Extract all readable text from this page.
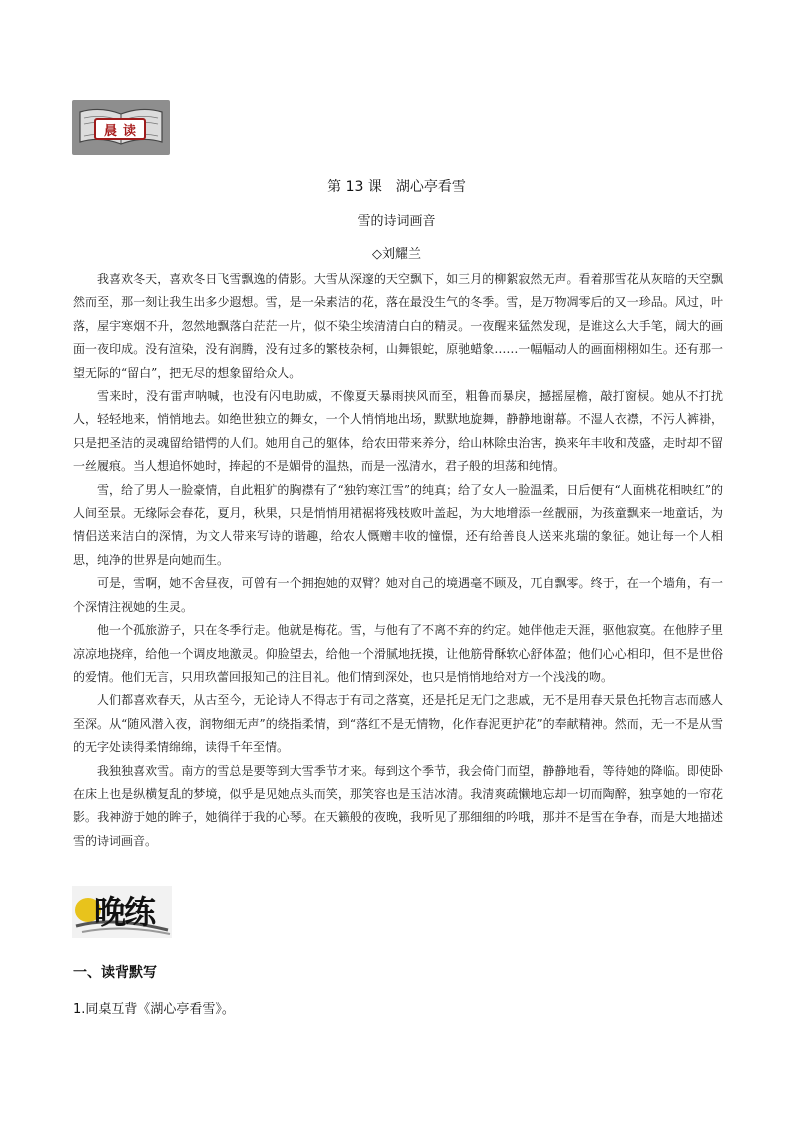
晨 读
第 13 课　湖心亭看雪
雪的诗词画音
◇刘耀兰

我喜欢冬天，喜欢冬日飞雪飘逸的倩影。大雪从深邃的天空飘下，如三月的柳絮寂然无声。看着那雪花从灰暗的天空飘然而至，那一刻让我生出多少遐想。雪，是一朵素洁的花，落在最没生气的冬季。雪，是万物凋零后的又一珍品。风过，叶落，屋宇寒烟不升，忽然地飘落白茫茫一片，似不染尘埃清清白白的精灵。一夜醒来猛然发现，是谁这么大手笔，阔大的画面一夜印成。没有渲染，没有润腾，没有过多的繁枝杂柯，山舞银蛇，原驰蜡象……一幅幅动人的画面栩栩如生。还有那一望无际的“留白”，把无尽的想象留给众人。

雪来时，没有雷声呐喊，也没有闪电助威，不像夏天暴雨挟风而至，粗鲁而暴戾，撼摇屋檐，敲打窗棂。她从不打扰人，轻轻地来，悄悄地去。如绝世独立的舞女，一个人悄悄地出场，默默地旋舞，静静地谢幕。不湿人衣襟，不污人裤褂，只是把圣洁的灵魂留给错愕的人们。她用自己的躯体，给农田带来养分，给山林除虫治害，换来年丰收和茂盛，走时却不留一丝履痕。当人想追怀她时，捧起的不是媚骨的温热，而是一泓清水，君子般的坦荡和纯情。

雪，给了男人一脸豪情，自此粗犷的胸襟有了“独钓寒江雪”的纯真；给了女人一脸温柔，日后便有“人面桃花相映红”的人间至景。无缘际会春花，夏月，秋果，只是悄悄用裙裾将残枝败叶盖起，为大地增添一丝靓丽，为孩童飘来一地童话，为情侣送来洁白的深情，为文人带来写诗的谐趣，给农人慨赠丰收的憧憬，还有给善良人送来兆瑞的象征。她让每一个人相思，纯净的世界是向她而生。

可是，雪啊，她不舍昼夜，可曾有一个拥抱她的双臂？她对自己的境遇毫不顾及，兀自飘零。终于，在一个墙角，有一个深情注视她的生灵。

他一个孤旅游子，只在冬季行走。他就是梅花。雪，与他有了不离不弃的约定。她伴他走天涯，驱他寂寞。在他脖子里凉凉地挠痒，给他一个调皮地激灵。仰脸望去，给他一个滑腻地抚摸，让他筋骨酥软心舒体盈；他们心心相印，但不是世俗的爱情。他们无言，只用玖蕾回报知己的注目礼。他们情到深处，也只是悄悄地给对方一个浅浅的吻。

人们都喜欢春天，从古至今，无论诗人不得志于有司之落寞，还是托足无门之悲戚，无不是用春天景色托物言志而感人至深。从“随风潜入夜，润物细无声”的绕指柔情，到“落红不是无情物，化作春泥更护花”的奉献精神。然而，无一不是从雪的无字处读得柔情绵绵，读得千年至情。

我独独喜欢雪。南方的雪总是要等到大雪季节才来。每到这个季节，我会倚门而望，静静地看，等待她的降临。即使卧在床上也是纵横复乱的梦境，似乎是见她点头而笑，那笑容也是玉洁冰清。我清爽疏懒地忘却一切而陶醉，独享她的一帘花影。我神游于她的眸子，她徜徉于我的心琴。在天籁般的夜晚，我听见了那细细的吟哦，那并不是雪在争春，而是大地描述雪的诗词画音。

晚练
一、读背默写
1.同桌互背《湖心亭看雪》。
